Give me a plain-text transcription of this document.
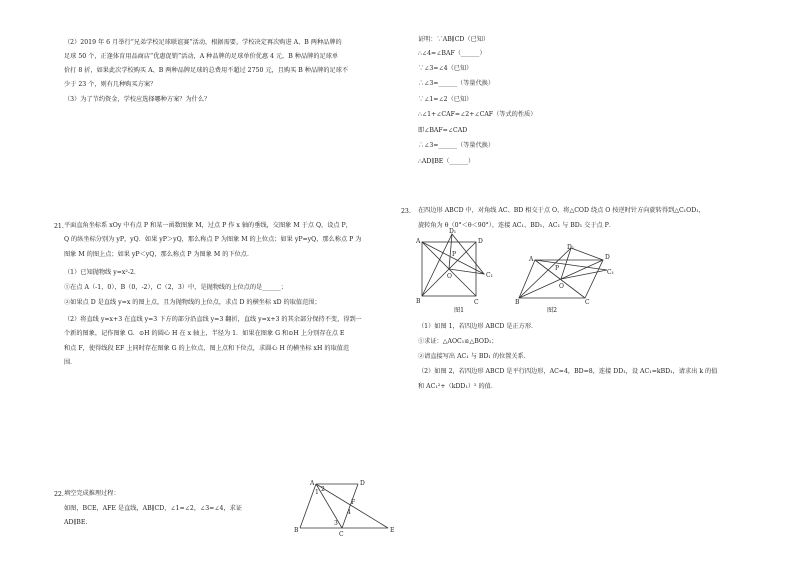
（2）2019 年 6 月举行“兄弟学校足球联谊赛”活动，根据需要，学校决定再次购进 A、B 两种品牌的
足球 50 个，正逢体育用品商店“优惠促销”活动，A 种品牌的足球单价优惠 4 元，B 种品牌的足球单
价打 8 折，如果此次学校购买 A、B 两种品牌足球的总费用不超过 2750 元，且购买 B 种品牌的足球不
少于 23 个，则有几种购买方案？
（3）为了节约资金，学校应选择哪种方案？为什么？
21. 平面直角坐标系 xOy 中有点 P 和某一函数图象 M，过点 P 作 x 轴的垂线，交图象 M 于点 Q，设点 P，
Q 的纵坐标分别为 yP，yQ．如果 yP＞yQ，那么称点 P 为图象 M 的上位点；如果 yP=yQ，那么称点 P 为
图象 M 的图上点；如果 yP＜yQ，那么称点 P 为图象 M 的下位点．
（1）已知抛物线 y=x²-2．
①在点 A（-1，0），B（0，-2），C（2，3）中，是抛物线的上位点的是______；
②如果点 D 是直线 y=x 的图上点，且为抛物线的上位点，求点 D 的横坐标 xD 的取值范围；
（2）将直线 y=x+3 在直线 y=3 下方的部分沿直线 y=3 翻折，直线 y=x+3 的其余部分保持不变，得到一
个新的图象，记作图象 G．⊙H 的圆心 H 在 x 轴上，半径为 1．如果在图象 G 和⊙H 上分别存在点 E
和点 F，使得线段 EF 上同时存在图象 G 的上位点，图上点和下位点，求圆心 H 的横坐标 xH 的取值范
围．
22. 填空完成推理过程：
如图，BCE，AFE 是直线，AB∥CD，∠1=∠2，∠3=∠4，求证
AD∥BE.
A	D
B
C
E
F
1 2
3
4
证明：∵AB∥CD（已知）
∴∠4=∠BAF（______）
∵∠3=∠4（已知）
∴∠3=______（等量代换）
∵∠1=∠2（已知）
∴∠1+∠CAF=∠2+∠CAF（等式的性质）
即∠BAF=∠CAD
∴∠3=______（等量代换）
∴AD∥BE（______）
23. 在四边形 ABCD 中，对角线 AC、BD 相交于点 O，将△COD 绕点 O 按逆时针方向旋转得到△C₁OD₁，
旋转角为 θ（0°＜θ＜90°），连接 AC₁、BD₁，AC₁ 与 BD₁ 交于点 P．
A	D
B	C
O
P
D₁
C₁
图1
A	D
B	C
O
P
D₁
C₁
图2
（1）如图 1，若四边形 ABCD 是正方形．
①求证：△AOC₁≌△BOD₁；
②请直接写出 AC₁ 与 BD₁ 的位置关系．
（2）如图 2，若四边形 ABCD 是平行四边形，AC=4，BD=8，连接 DD₁，设 AC₁=kBD₁，请求出 k 的值
和 AC₁²+（kDD₁）² 的值．
